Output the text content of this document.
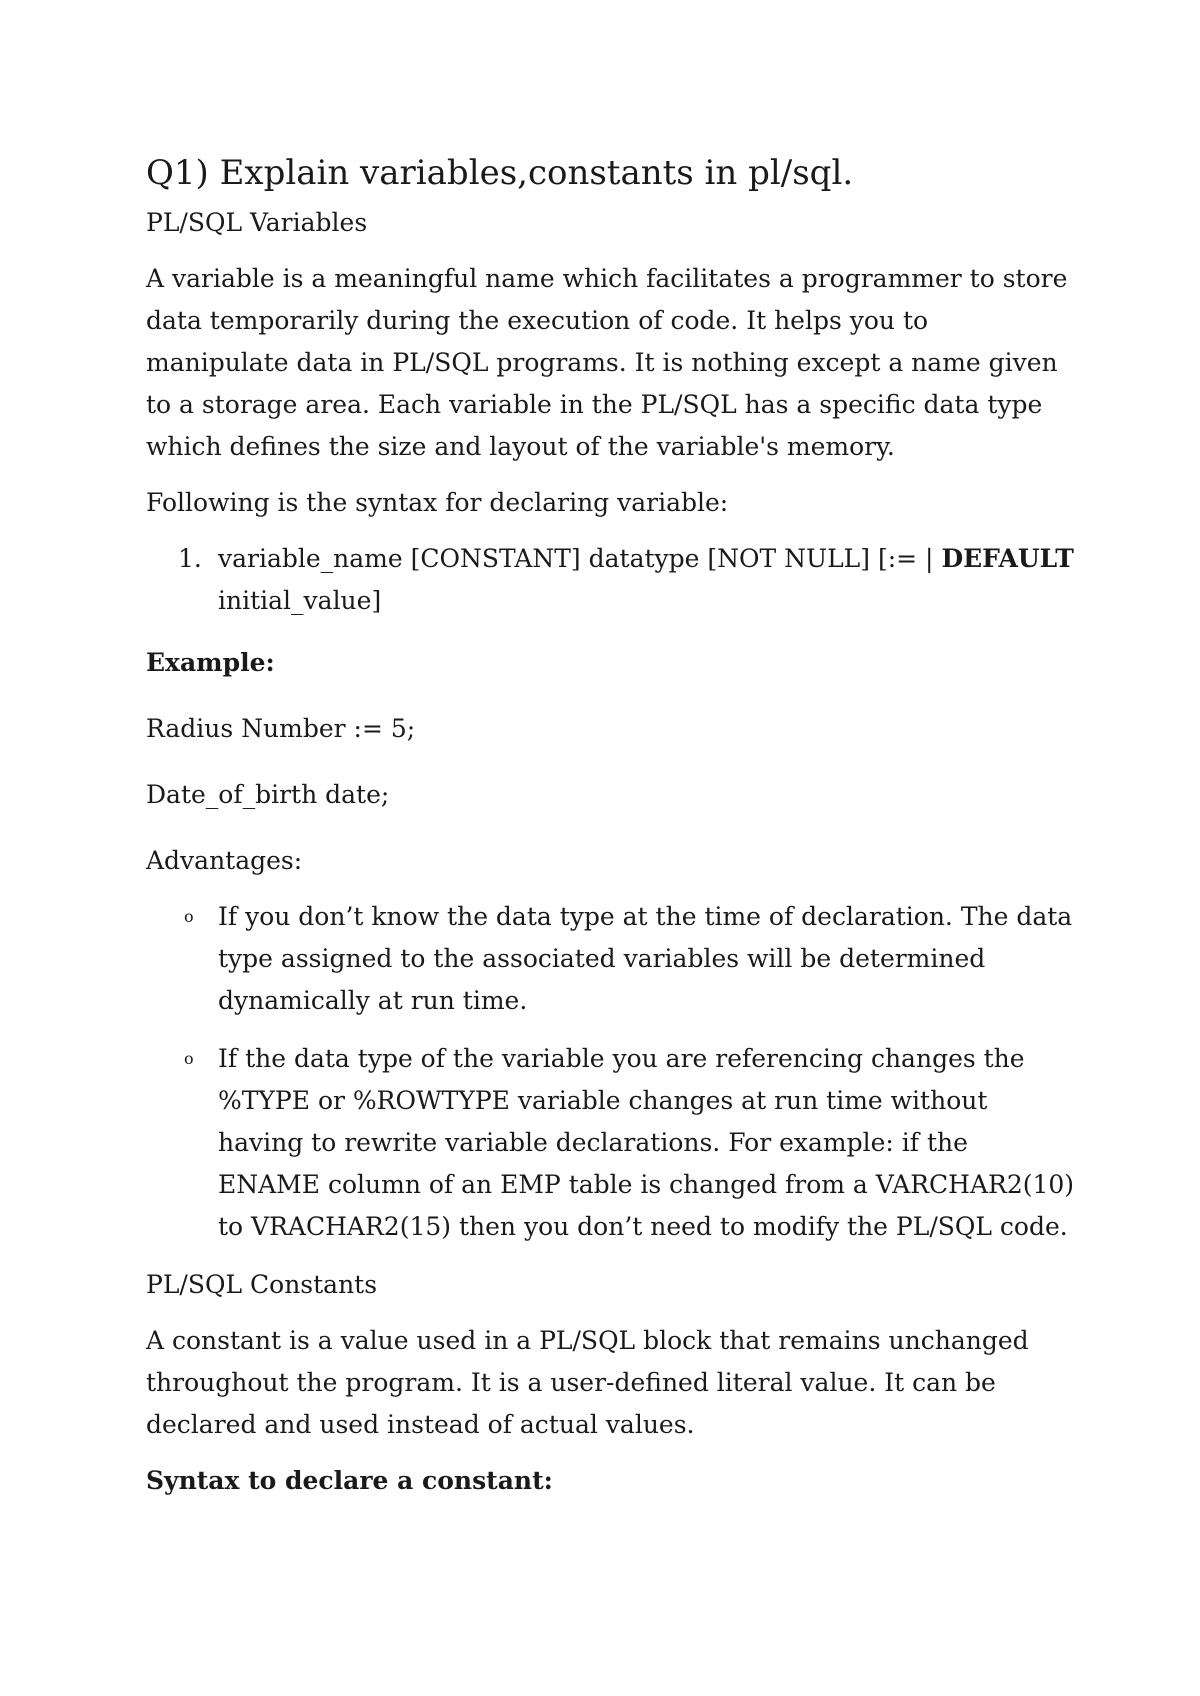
Q1) Explain variables,constants in pl/sql.

PL/SQL Variables

A variable is a meaningful name which facilitates a programmer to store data temporarily during the execution of code. It helps you to manipulate data in PL/SQL programs. It is nothing except a name given to a storage area. Each variable in the PL/SQL has a specific data type which defines the size and layout of the variable's memory.

Following is the syntax for declaring variable:

1. variable_name [CONSTANT] datatype [NOT NULL] [:= | DEFAULT initial_value]

Example:

Radius Number := 5;

Date_of_birth date;

Advantages:

o If you don’t know the data type at the time of declaration. The data type assigned to the associated variables will be determined dynamically at run time.
o If the data type of the variable you are referencing changes the %TYPE or %ROWTYPE variable changes at run time without having to rewrite variable declarations. For example: if the ENAME column of an EMP table is changed from a VARCHAR2(10) to VRACHAR2(15) then you don’t need to modify the PL/SQL code.

PL/SQL Constants

A constant is a value used in a PL/SQL block that remains unchanged throughout the program. It is a user-defined literal value. It can be declared and used instead of actual values.

Syntax to declare a constant:
